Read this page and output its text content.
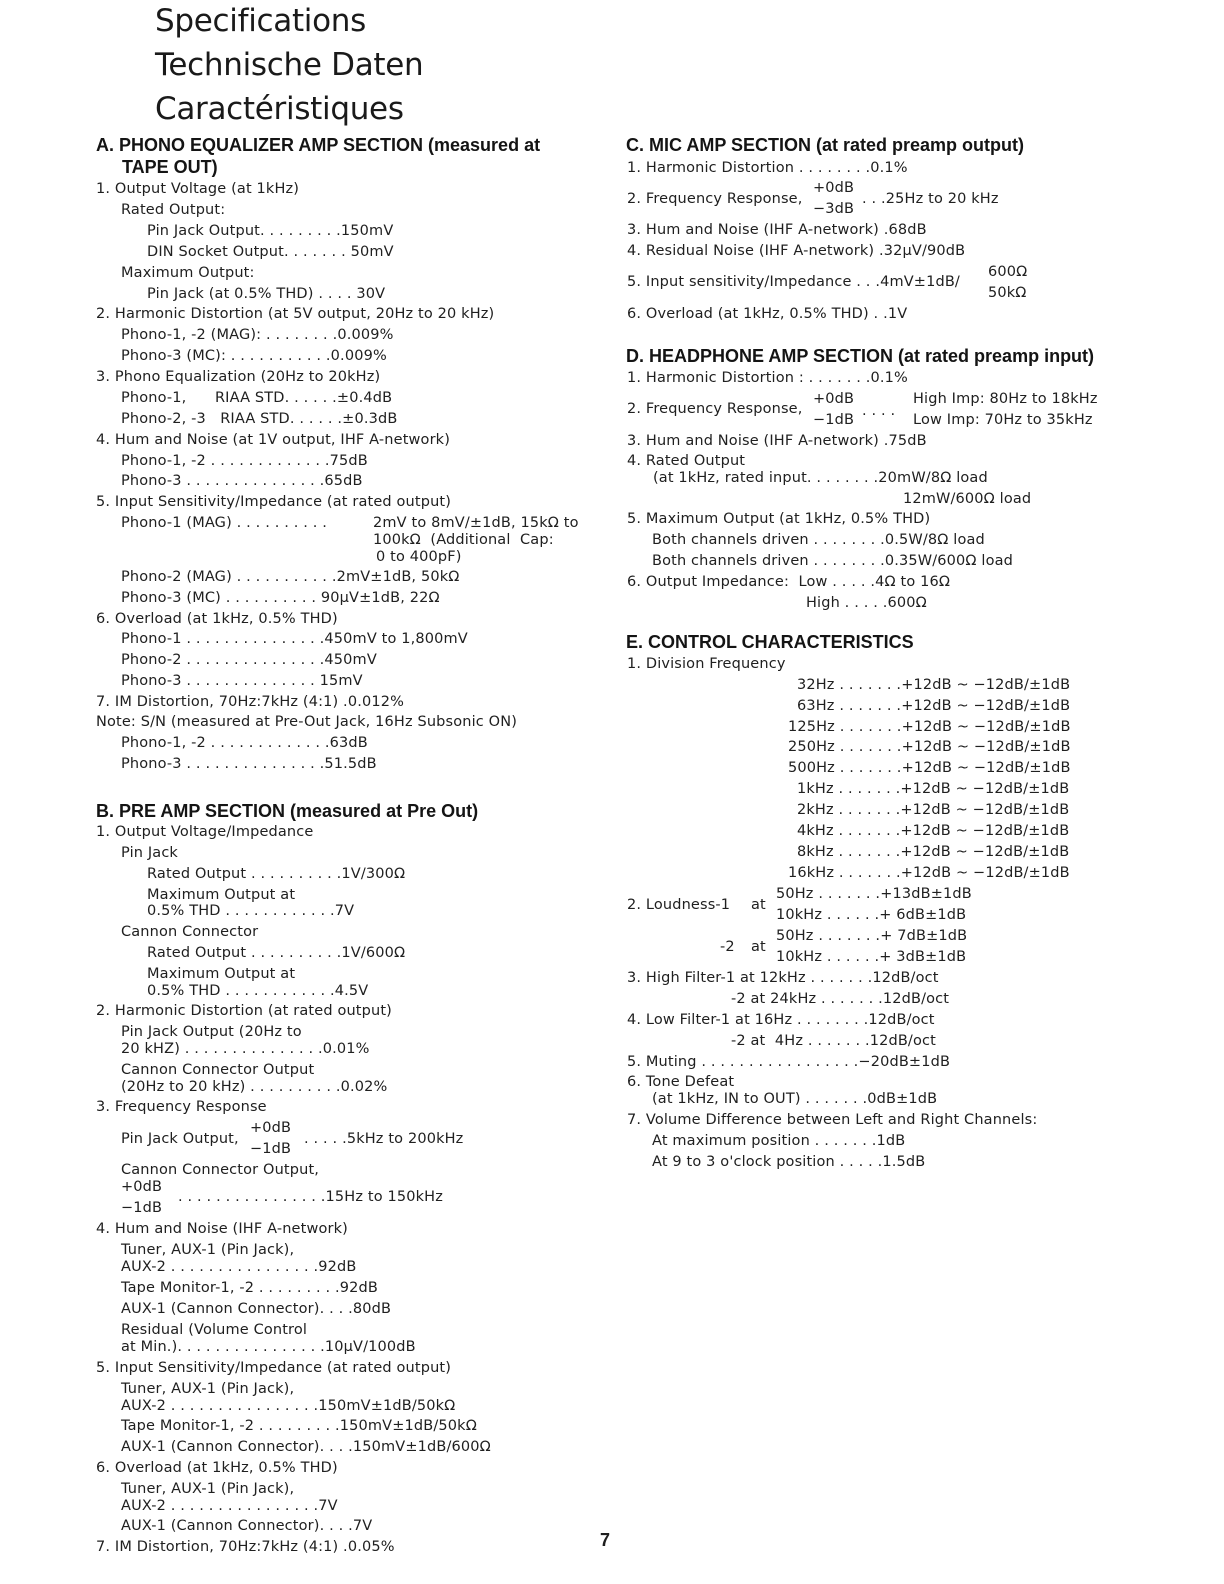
Specifications
Technische Daten
Caractéristiques
A. PHONO EQUALIZER AMP SECTION (measured at
TAPE OUT)
1. Output Voltage (at 1kHz)
Rated Output:
Pin Jack Output. . . . . . . . .150mV
DIN Socket Output. . . . . . . 50mV
Maximum Output:
Pin Jack (at 0.5% THD) . . . . 30V
2. Harmonic Distortion (at 5V output, 20Hz to 20 kHz)
Phono-1, -2 (MAG): . . . . . . . .0.009%
Phono-3 (MC): . . . . . . . . . . .0.009%
3. Phono Equalization (20Hz to 20kHz)
Phono-1,      RIAA STD. . . . . .±0.4dB
Phono-2, -3   RIAA STD. . . . . .±0.3dB
4. Hum and Noise (at 1V output, IHF A-network)
Phono-1, -2 . . . . . . . . . . . . .75dB
Phono-3 . . . . . . . . . . . . . . .65dB
5. Input Sensitivity/Impedance (at rated output)
Phono-1 (MAG) . . . . . . . . . .	2mV to 8mV/±1dB, 15kΩ to
100kΩ  (Additional  Cap:
0 to 400pF)
Phono-2 (MAG) . . . . . . . . . . .2mV±1dB, 50kΩ
Phono-3 (MC) . . . . . . . . . . 90µV±1dB, 22Ω
6. Overload (at 1kHz, 0.5% THD)
Phono-1 . . . . . . . . . . . . . . .450mV to 1,800mV
Phono-2 . . . . . . . . . . . . . . .450mV
Phono-3 . . . . . . . . . . . . . . 15mV
7. IM Distortion, 70Hz:7kHz (4:1) .0.012%
Note: S/N (measured at Pre-Out Jack, 16Hz Subsonic ON)
Phono-1, -2 . . . . . . . . . . . . .63dB
Phono-3 . . . . . . . . . . . . . . .51.5dB
B. PRE AMP SECTION (measured at Pre Out)
1. Output Voltage/Impedance
Pin Jack
Rated Output . . . . . . . . . .1V/300Ω
Maximum Output at
0.5% THD . . . . . . . . . . . .7V
Cannon Connector
Rated Output . . . . . . . . . .1V/600Ω
Maximum Output at
0.5% THD . . . . . . . . . . . .4.5V
2. Harmonic Distortion (at rated output)
Pin Jack Output (20Hz to
20 kHZ) . . . . . . . . . . . . . . .0.01%
Cannon Connector Output
(20Hz to 20 kHz) . . . . . . . . . .0.02%
3. Frequency Response
Pin Jack Output,
+0dB
−1dB
. . . . .5kHz to 200kHz
Cannon Connector Output,
+0dB
−1dB
. . . . . . . . . . . . . . . .15Hz to 150kHz
4. Hum and Noise (IHF A-network)
Tuner, AUX-1 (Pin Jack),
AUX-2 . . . . . . . . . . . . . . . .92dB
Tape Monitor-1, -2 . . . . . . . . .92dB
AUX-1 (Cannon Connector). . . .80dB
Residual (Volume Control
at Min.). . . . . . . . . . . . . . . .10µV/100dB
5. Input Sensitivity/Impedance (at rated output)
Tuner, AUX-1 (Pin Jack),
AUX-2 . . . . . . . . . . . . . . . .150mV±1dB/50kΩ
Tape Monitor-1, -2 . . . . . . . . .150mV±1dB/50kΩ
AUX-1 (Cannon Connector). . . .150mV±1dB/600Ω
6. Overload (at 1kHz, 0.5% THD)
Tuner, AUX-1 (Pin Jack),
AUX-2 . . . . . . . . . . . . . . . .7V
AUX-1 (Cannon Connector). . . .7V
7. IM Distortion, 70Hz:7kHz (4:1) .0.05%
C. MIC AMP SECTION (at rated preamp output)
1. Harmonic Distortion . . . . . . . .0.1%
2. Frequency Response,
+0dB
−3dB
. . .25Hz to 20 kHz
3. Hum and Noise (IHF A-network) .68dB
4. Residual Noise (IHF A-network) .32µV/90dB
5. Input sensitivity/Impedance . . .4mV±1dB/
600Ω
50kΩ
6. Overload (at 1kHz, 0.5% THD) . .1V
D. HEADPHONE AMP SECTION (at rated preamp input)
1. Harmonic Distortion : . . . . . . .0.1%
2. Frequency Response,
+0dB
−1dB
. . . .
High Imp: 80Hz to 18kHz
Low Imp: 70Hz to 35kHz
3. Hum and Noise (IHF A-network) .75dB
4. Rated Output
(at 1kHz, rated input. . . . . . . .20mW/8Ω load
12mW/600Ω load
5. Maximum Output (at 1kHz, 0.5% THD)
Both channels driven . . . . . . . .0.5W/8Ω load
Both channels driven . . . . . . . .0.35W/600Ω load
6. Output Impedance:  Low . . . . .4Ω to 16Ω
High . . . . .600Ω
E. CONTROL CHARACTERISTICS
1. Division Frequency
32Hz . . . . . . .+12dB ~ −12dB/±1dB
63Hz . . . . . . .+12dB ~ −12dB/±1dB
125Hz . . . . . . .+12dB ~ −12dB/±1dB
250Hz . . . . . . .+12dB ~ −12dB/±1dB
500Hz . . . . . . .+12dB ~ −12dB/±1dB
1kHz . . . . . . .+12dB ~ −12dB/±1dB
2kHz . . . . . . .+12dB ~ −12dB/±1dB
4kHz . . . . . . .+12dB ~ −12dB/±1dB
8kHz . . . . . . .+12dB ~ −12dB/±1dB
16kHz . . . . . . .+12dB ~ −12dB/±1dB
2. Loudness-1 at
50Hz . . . . . . .+13dB±1dB
10kHz . . . . . .+ 6dB±1dB
-2 at
50Hz . . . . . . .+ 7dB±1dB
10kHz . . . . . .+ 3dB±1dB
3. High Filter-1 at 12kHz . . . . . . .12dB/oct
-2 at 24kHz . . . . . . .12dB/oct
4. Low Filter-1 at 16Hz . . . . . . . .12dB/oct
-2 at  4Hz . . . . . . .12dB/oct
5. Muting . . . . . . . . . . . . . . . . .−20dB±1dB
6. Tone Defeat
(at 1kHz, IN to OUT) . . . . . . .0dB±1dB
7. Volume Difference between Left and Right Channels:
At maximum position . . . . . . .1dB
At 9 to 3 o'clock position . . . . .1.5dB
7
